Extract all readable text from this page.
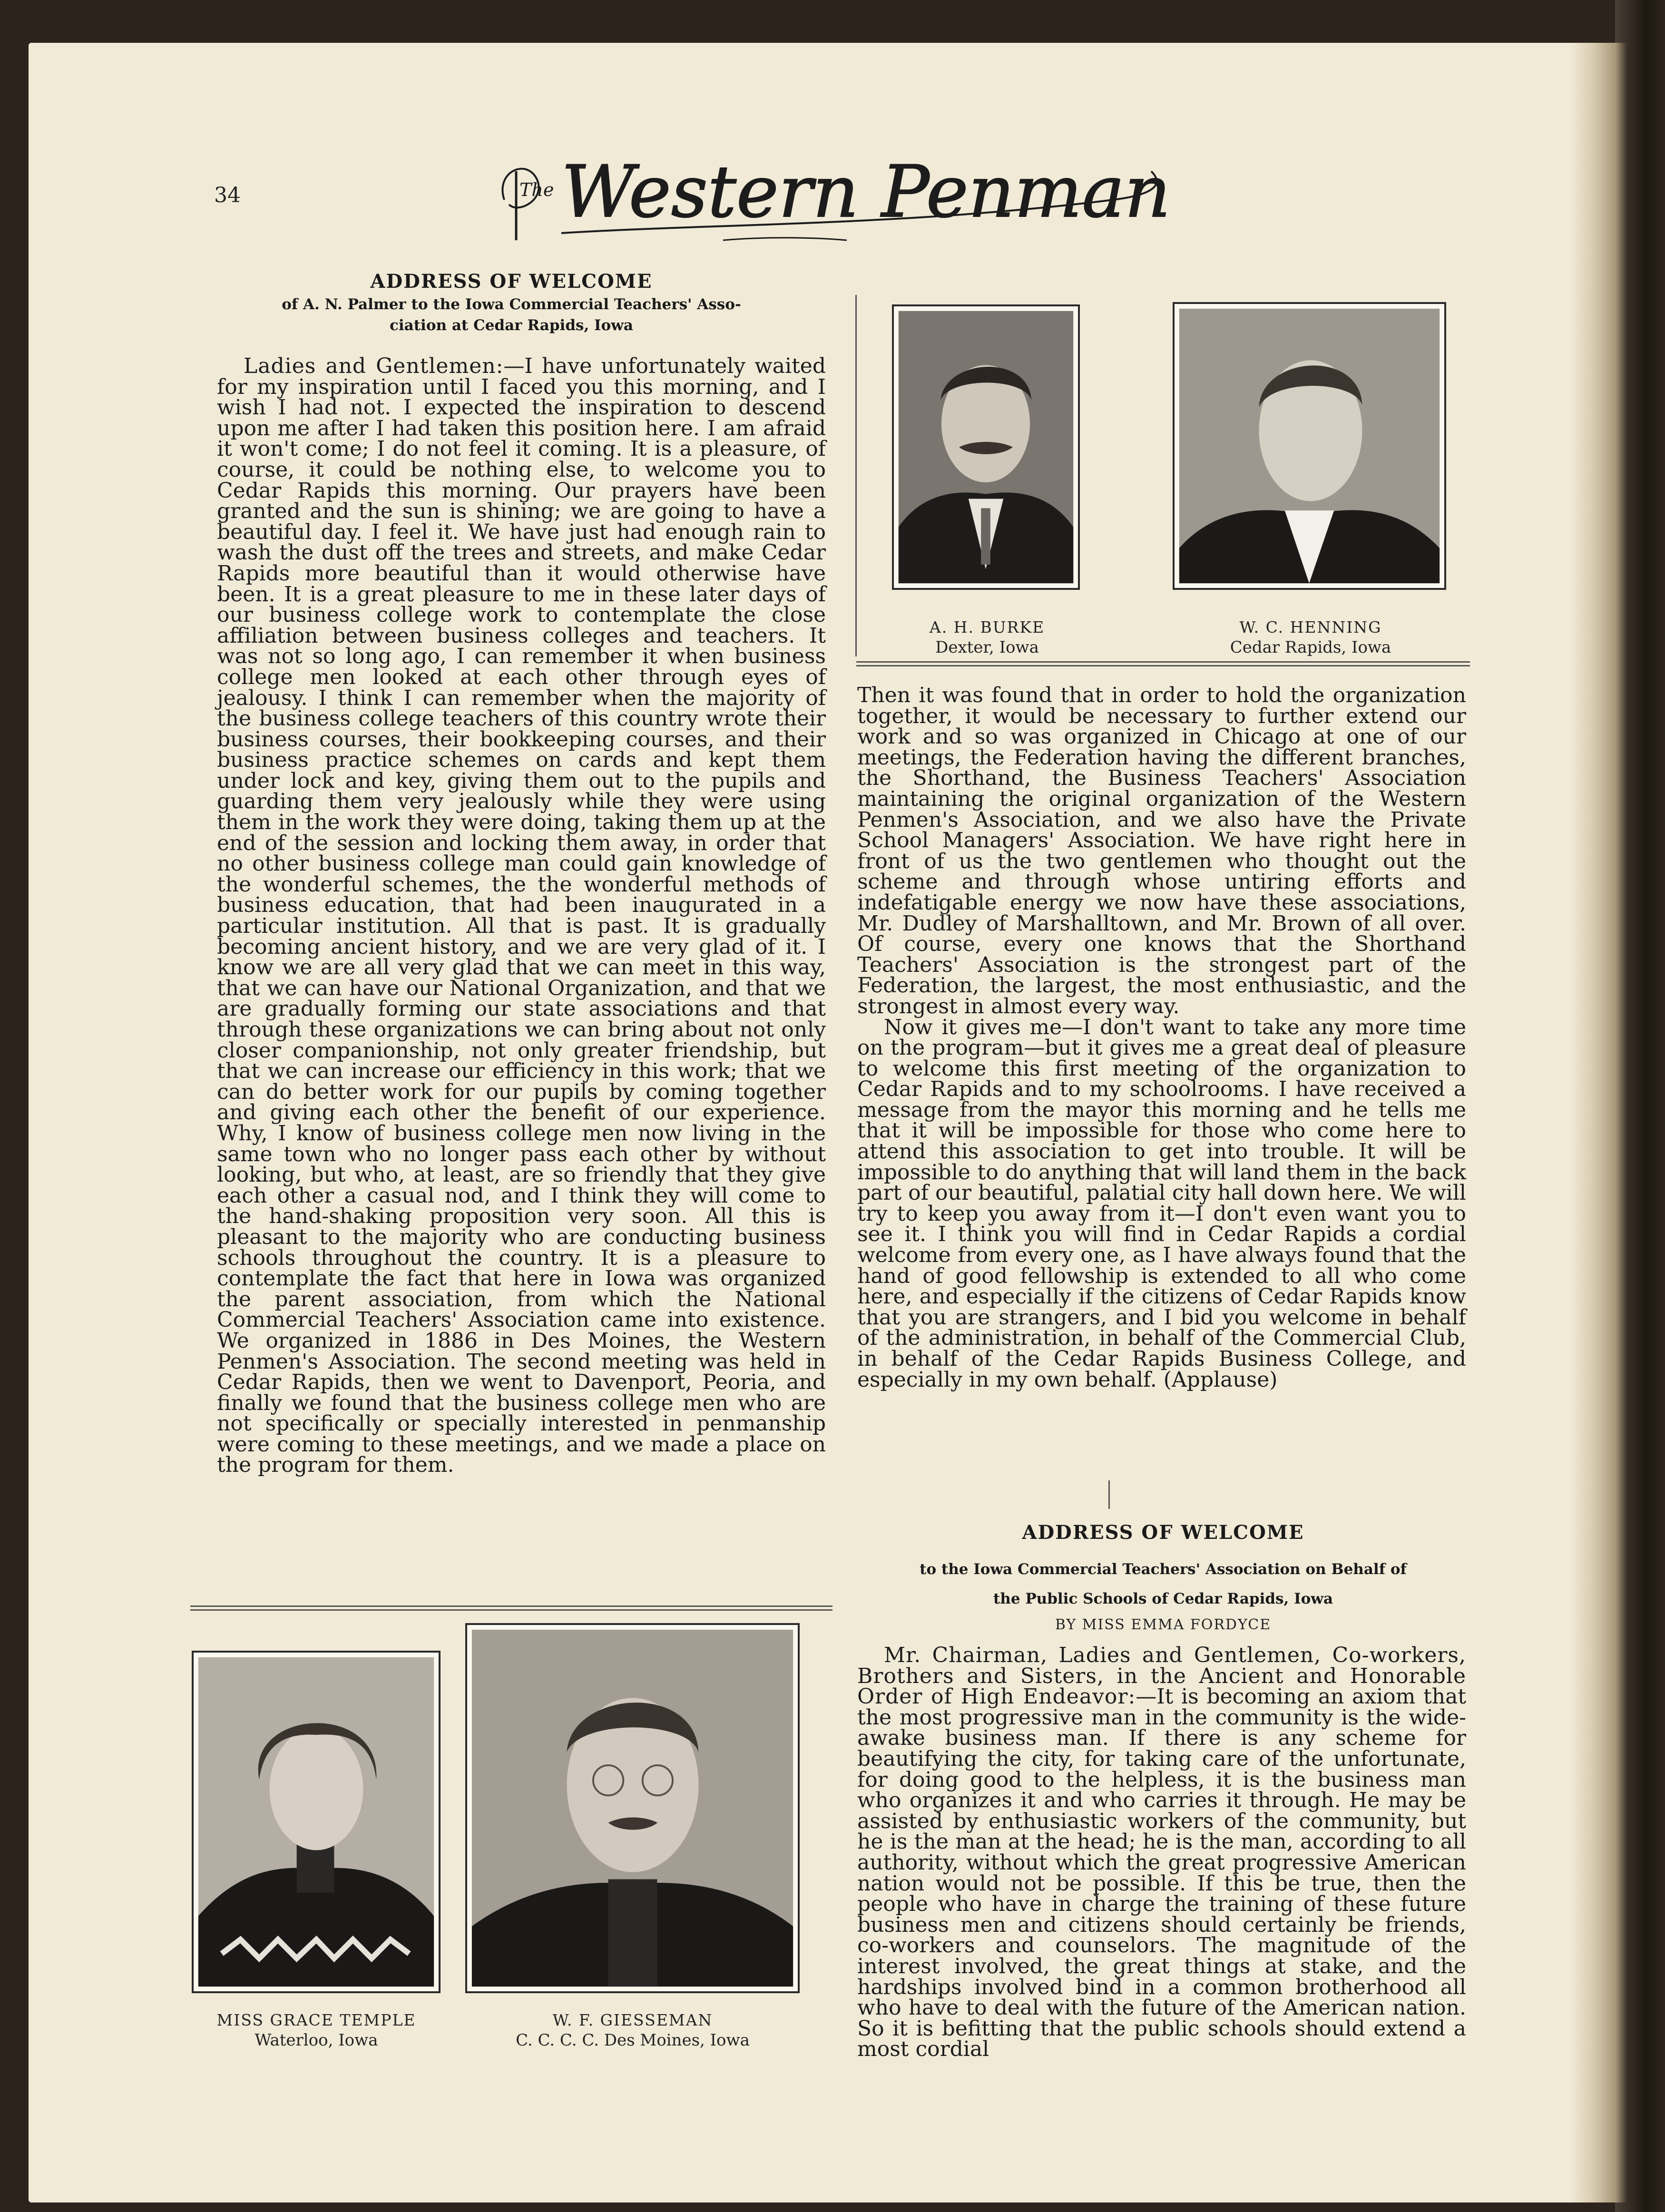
34	The Western Penman
ADDRESS OF WELCOME
of A. N. Palmer to the Iowa Commercial Teachers' Asso-
ciation at Cedar Rapids, Iowa

Ladies and Gentlemen:—I have unfortunately waited for my inspiration until I faced you this morning, and I wish I had not. I expected the inspiration to descend upon me after I had taken this position here. I am afraid it won't come; I do not feel it coming. It is a pleasure, of course, it could be nothing else, to welcome you to Cedar Rapids this morning. Our prayers have been granted and the sun is shining; we are going to have a beautiful day. I feel it. We have just had enough rain to wash the dust off the trees and streets, and make Cedar Rapids more beautiful than it would otherwise have been. It is a great pleasure to me in these later days of our business college work to contemplate the close affiliation between business colleges and teachers. It was not so long ago, I can remember it when business college men looked at each other through eyes of jealousy. I think I can remember when the majority of the business college teachers of this country wrote their business courses, their bookkeeping courses, and their business practice schemes on cards and kept them under lock and key, giving them out to the pupils and guarding them very jealously while they were using them in the work they were doing, taking them up at the end of the session and locking them away, in order that no other business college man could gain knowledge of the wonderful schemes, the the wonderful methods of business education, that had been inaugurated in a particular institution. All that is past. It is gradually becoming ancient history, and we are very glad of it. I know we are all very glad that we can meet in this way, that we can have our National Organization, and that we are gradually forming our state associations and that through these organizations we can bring about not only closer companionship, not only greater friendship, but that we can increase our efficiency in this work; that we can do better work for our pupils by coming together and giving each other the benefit of our experience. Why, I know of business college men now living in the same town who no longer pass each other by without looking, but who, at least, are so friendly that they give each other a casual nod, and I think they will come to the hand-shaking proposition very soon. All this is pleasant to the majority who are conducting business schools throughout the country. It is a pleasure to contemplate the fact that here in Iowa was organized the parent association, from which the National Commercial Teachers' Association came into existence. We organized in 1886 in Des Moines, the Western Penmen's Association. The second meeting was held in Cedar Rapids, then we went to Davenport, Peoria, and finally we found that the business college men who are not specifically or specially interested in penmanship were coming to these meetings, and we made a place on the program for them.

A. H. BURKE
Dexter, Iowa
W. C. HENNING
Cedar Rapids, Iowa

Then it was found that in order to hold the organization together, it would be necessary to further extend our work and so was organized in Chicago at one of our meetings, the Federation having the different branches, the Shorthand, the Business Teachers' Association maintaining the original organization of the Western Penmen's Association, and we also have the Private School Managers' Association. We have right here in front of us the two gentlemen who thought out the scheme and through whose untiring efforts and indefatigable energy we now have these associations, Mr. Dudley of Marshalltown, and Mr. Brown of all over. Of course, every one knows that the Shorthand Teachers' Association is the strongest part of the Federation, the largest, the most enthusiastic, and the strongest in almost every way.

Now it gives me—I don't want to take any more time on the program—but it gives me a great deal of pleasure to welcome this first meeting of the organization to Cedar Rapids and to my schoolrooms. I have received a message from the mayor this morning and he tells me that it will be impossible for those who come here to attend this association to get into trouble. It will be impossible to do anything that will land them in the back part of our beautiful, palatial city hall down here. We will try to keep you away from it—I don't even want you to see it. I think you will find in Cedar Rapids a cordial welcome from every one, as I have always found that the hand of good fellowship is extended to all who come here, and especially if the citizens of Cedar Rapids know that you are strangers, and I bid you welcome in behalf of the administration, in behalf of the Commercial Club, in behalf of the Cedar Rapids Business College, and especially in my own behalf. (Applause)

ADDRESS OF WELCOME
to the Iowa Commercial Teachers' Association on Behalf of
the Public Schools of Cedar Rapids, Iowa
BY MISS EMMA FORDYCE

Mr. Chairman, Ladies and Gentlemen, Co-workers, Brothers and Sisters, in the Ancient and Honorable Order of High Endeavor:—It is becoming an axiom that the most progressive man in the community is the wide-awake business man. If there is any scheme for beautifying the city, for taking care of the unfortunate, for doing good to the helpless, it is the business man who organizes it and who carries it through. He may be assisted by enthusiastic workers of the community, but he is the man at the head; he is the man, according to all authority, without which the great progressive American nation would not be possible. If this be true, then the people who have in charge the training of these future business men and citizens should certainly be friends, co-workers and counselors. The magnitude of the interest involved, the great things at stake, and the hardships involved bind in a common brotherhood all who have to deal with the future of the American nation. So it is befitting that the public schools should extend a most cordial

MISS GRACE TEMPLE
Waterloo, Iowa
W. F. GIESSEMAN
C. C. C. C. Des Moines, Iowa
